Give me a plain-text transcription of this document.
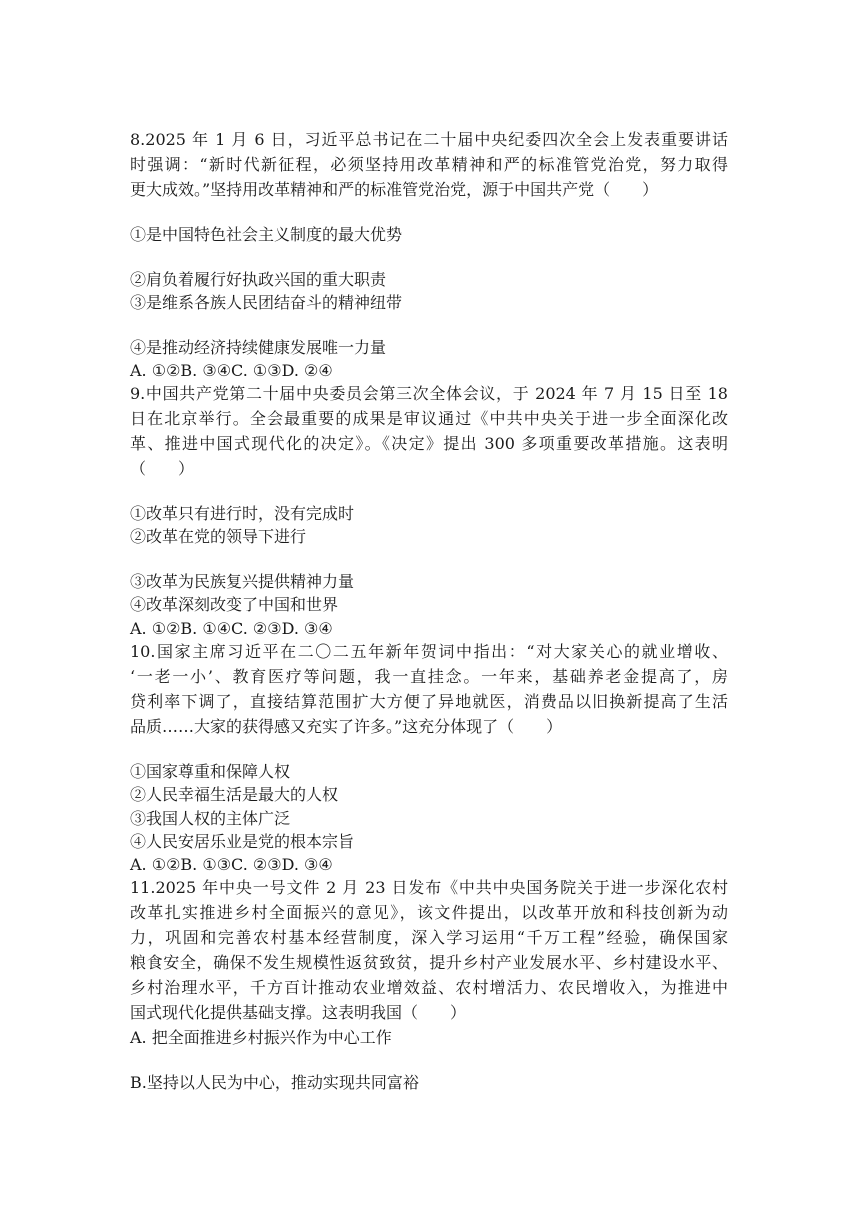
8.2025 年 1 月 6 日，习近平总书记在二十届中央纪委四次全会上发表重要讲话
时强调：“新时代新征程，必须坚持用改革精神和严的标准管党治党，努力取得
更大成效。”坚持用改革精神和严的标准管党治党，源于中国共产党（　　）
①是中国特色社会主义制度的最大优势
②肩负着履行好执政兴国的重大职责
③是维系各族人民团结奋斗的精神纽带
④是推动经济持续健康发展唯一力量
A. ①②B. ③④C. ①③D. ②④
9.中国共产党第二十届中央委员会第三次全体会议，于 2024 年 7 月 15 日至 18
日在北京举行。全会最重要的成果是审议通过《中共中央关于进一步全面深化改
革、推进中国式现代化的决定》。《决定》提出 300 多项重要改革措施。这表明
（　　）
①改革只有进行时，没有完成时
②改革在党的领导下进行
③改革为民族复兴提供精神力量
④改革深刻改变了中国和世界
A. ①②B. ①④C. ②③D. ③④
10.国家主席习近平在二〇二五年新年贺词中指出：“对大家关心的就业增收、
‘一老一小’、教育医疗等问题，我一直挂念。一年来，基础养老金提高了，房
贷利率下调了，直接结算范围扩大方便了异地就医，消费品以旧换新提高了生活
品质……大家的获得感又充实了许多。”这充分体现了（　　）
①国家尊重和保障人权
②人民幸福生活是最大的人权
③我国人权的主体广泛
④人民安居乐业是党的根本宗旨
A. ①②B. ①③C. ②③D. ③④
11.2025 年中央一号文件 2 月 23 日发布《中共中央国务院关于进一步深化农村
改革扎实推进乡村全面振兴的意见》，该文件提出，以改革开放和科技创新为动
力，巩固和完善农村基本经营制度，深入学习运用“千万工程”经验，确保国家
粮食安全，确保不发生规模性返贫致贫，提升乡村产业发展水平、乡村建设水平、
乡村治理水平，千方百计推动农业增效益、农村增活力、农民增收入，为推进中
国式现代化提供基础支撑。这表明我国（　　）
A. 把全面推进乡村振兴作为中心工作
B.坚持以人民为中心，推动实现共同富裕
